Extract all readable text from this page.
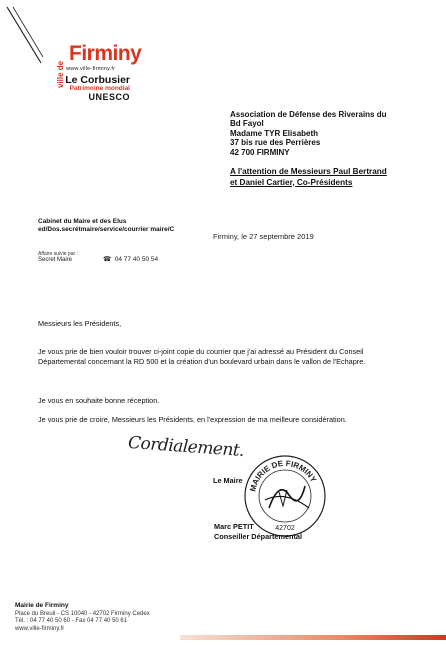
ville de
Firminy
www.ville-firminy.fr
Le Corbusier
Patrimoine mondial
UNESCO
Association de Défense des Riverains du
Bd Fayol
Madame TYR Elisabeth
37 bis rue des Perrières
42 700 FIRMINY
A l'attention de Messieurs Paul Bertrand
et Daniel Cartier, Co-Présidents
Cabinet du Maire et des Elus
ed/Dos.secrétmaire/service/courrier maire/C
Firminy, le 27 septembre 2019
Affaire suivie par :
Secret Maire	☎ 04 77 40 50 54
Messieurs les Présidents,
Je vous prie de bien vouloir trouver ci-joint copie du courrier que j'ai adressé au Président du Conseil Départemental concernant la RD 500 et la création d'un boulevard urbain dans le vallon de l'Echapre.
Je vous en souhaite bonne réception.
Je vous prie de croire, Messieurs les Présidents, en l'expression de ma meilleure considération.
Cordialement.
Le Maire
MAIRIE DE FIRMINY
42702
Marc PETIT
Conseiller Départemental
Mairie de Firminy
Place du Breuil - CS 10040 - 42702 Firminy Cedex
Tél. : 04 77 40 50 60 - Fax 04 77 40 50 61
www.ville-firminy.fr
